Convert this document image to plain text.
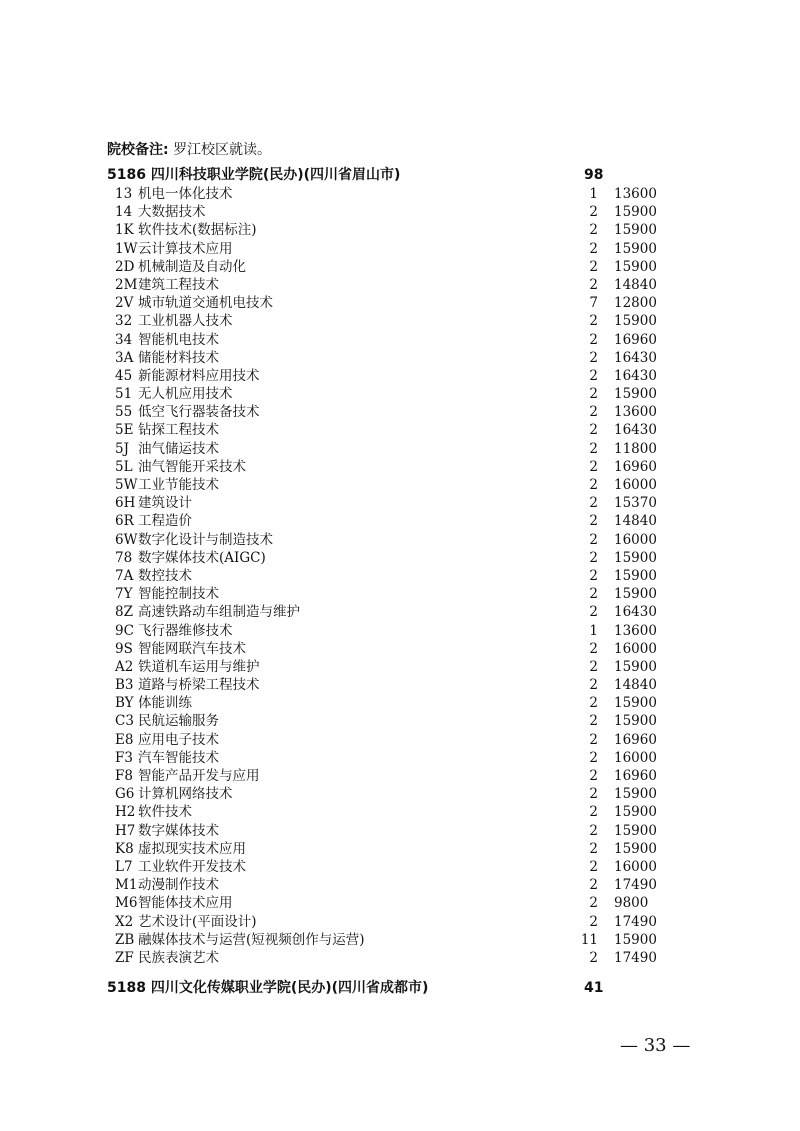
院校备注: 罗江校区就读。
5186 四川科技职业学院(民办)(四川省眉山市)	98
13 机电一体化技术	1 13600
14 大数据技术	2 15900
1K 软件技术(数据标注)	2 15900
1W 云计算技术应用	2 15900
2D 机械制造及自动化	2 15900
2M 建筑工程技术	2 14840
2V 城市轨道交通机电技术	7 12800
32 工业机器人技术	2 15900
34 智能机电技术	2 16960
3A 储能材料技术	2 16430
45 新能源材料应用技术	2 16430
51 无人机应用技术	2 15900
55 低空飞行器装备技术	2 13600
5E 钻探工程技术	2 16430
5J 油气储运技术	2 11800
5L 油气智能开采技术	2 16960
5W 工业节能技术	2 16000
6H 建筑设计	2 15370
6R 工程造价	2 14840
6W 数字化设计与制造技术	2 16000
78 数字媒体技术(AIGC)	2 15900
7A 数控技术	2 15900
7Y 智能控制技术	2 15900
8Z 高速铁路动车组制造与维护	2 16430
9C 飞行器维修技术	1 13600
9S 智能网联汽车技术	2 16000
A2 铁道机车运用与维护	2 15900
B3 道路与桥梁工程技术	2 14840
BY 体能训练	2 15900
C3 民航运输服务	2 15900
E8 应用电子技术	2 16960
F3 汽车智能技术	2 16000
F8 智能产品开发与应用	2 16960
G6 计算机网络技术	2 15900
H2 软件技术	2 15900
H7 数字媒体技术	2 15900
K8 虚拟现实技术应用	2 15900
L7 工业软件开发技术	2 16000
M1 动漫制作技术	2 17490
M6 智能体技术应用	2 9800
X2 艺术设计(平面设计)	2 17490
ZB 融媒体技术与运营(短视频创作与运营)	11 15900
ZF 民族表演艺术	2 17490
5188 四川文化传媒职业学院(民办)(四川省成都市)	41
— 33 —
